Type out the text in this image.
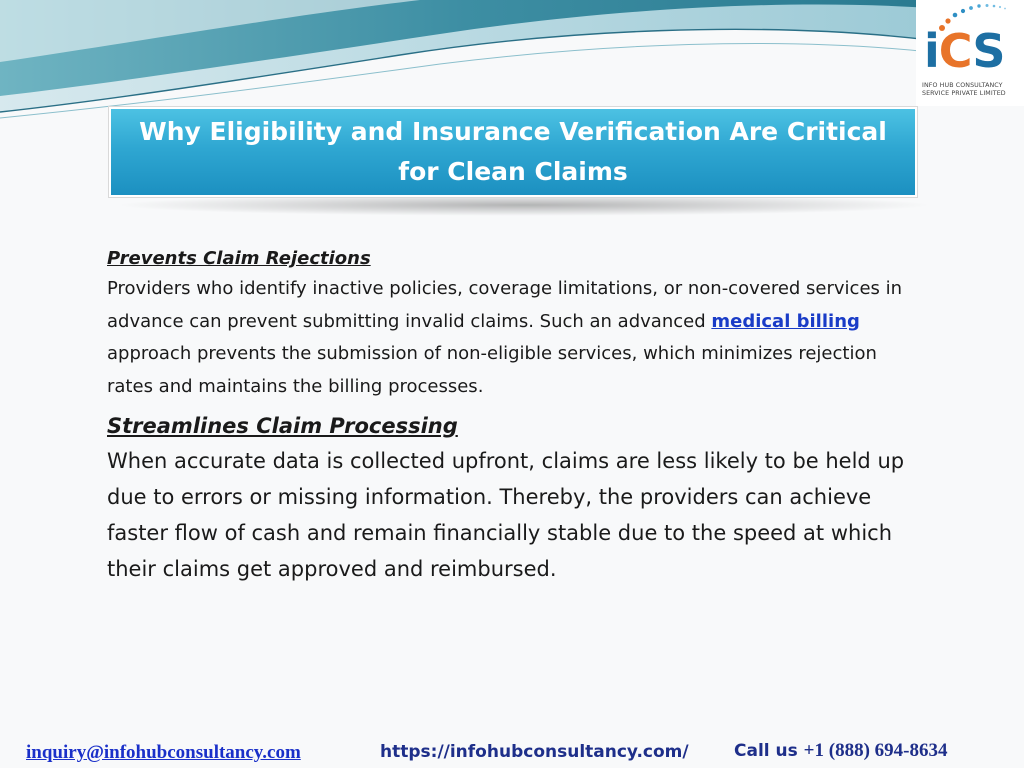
iCS
INFO HUB CONSULTANCY
SERVICE PRIVATE LIMITED
Why Eligibility and Insurance Verification Are Critical for Clean Claims
Prevents Claim Rejections

Providers who identify inactive policies, coverage limitations, or non-covered services in advance can prevent submitting invalid claims. Such an advanced medical billing approach prevents the submission of non-eligible services, which minimizes rejection rates and maintains the billing processes.

Streamlines Claim Processing

When accurate data is collected upfront, claims are less likely to be held up due to errors or missing information. Thereby, the providers can achieve faster flow of cash and remain financially stable due to the speed at which their claims get approved and reimbursed.

inquiry@infohubconsultancy.com	https://infohubconsultancy.com/	Call us +1 (888) 694-8634
